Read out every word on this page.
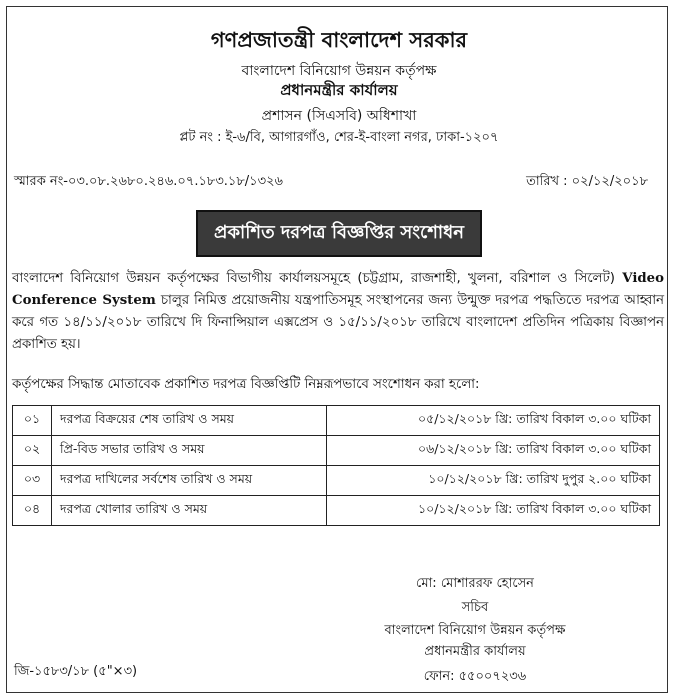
গণপ্রজাতন্ত্রী বাংলাদেশ সরকার
বাংলাদেশ বিনিয়োগ উন্নয়ন কর্তৃপক্ষ
প্রধানমন্ত্রীর কার্যালয়
প্রশাসন (সিএসবি) অধিশাখা
প্লট নং : ই-৬/বি, আগারগাঁও, শের-ই-বাংলা নগর, ঢাকা-১২০৭
স্মারক নং-০৩.০৮.২৬৮০.২৪৬.০৭.১৮৩.১৮/১৩২৬	তারিখ : ০২/১২/২০১৮
প্রকাশিত দরপত্র বিজ্ঞপ্তির সংশোধন
বাংলাদেশ বিনিয়োগ উন্নয়ন কর্তৃপক্ষের বিভাগীয় কার্যালয়সমূহে (চট্টগ্রাম, রাজশাহী, খুলনা, বরিশাল ও সিলেট) Video Conference System চালুর নিমিত্ত প্রয়োজনীয় যন্ত্রপাতিসমূহ সংস্থাপনের জন্য উন্মুক্ত দরপত্র পদ্ধতিতে দরপত্র আহ্বান করে গত ১৪/১১/২০১৮ তারিখে দি ফিনান্সিয়াল এক্সপ্রেস ও ১৫/১১/২০১৮ তারিখে বাংলাদেশ প্রতিদিন পত্রিকায় বিজ্ঞাপন প্রকাশিত হয়।
কর্তৃপক্ষের সিদ্ধান্ত মোতাবেক প্রকাশিত দরপত্র বিজ্ঞপ্তিটি নিম্নরূপভাবে সংশোধন করা হলো:
০১	দরপত্র বিক্রয়ের শেষ তারিখ ও সময়	০৫/১২/২০১৮ খ্রি: তারিখ বিকাল ৩.০০ ঘটিকা
০২	প্রি-বিড সভার তারিখ ও সময়	০৬/১২/২০১৮ খ্রি: তারিখ বিকাল ৩.০০ ঘটিকা
০৩	দরপত্র দাখিলের সর্বশেষ তারিখ ও সময়	১০/১২/২০১৮ খ্রি: তারিখ দুপুর ২.০০ ঘটিকা
০৪	দরপত্র খোলার তারিখ ও সময়	১০/১২/২০১৮ খ্রি: তারিখ বিকাল ৩.০০ ঘটিকা
মো: মোশাররফ হোসেন
সচিব
বাংলাদেশ বিনিয়োগ উন্নয়ন কর্তৃপক্ষ
প্রধানমন্ত্রীর কার্যালয়
ফোন: ৫৫০০৭২৩৬
জি-১৫৮৩/১৮ (৫"×৩)
